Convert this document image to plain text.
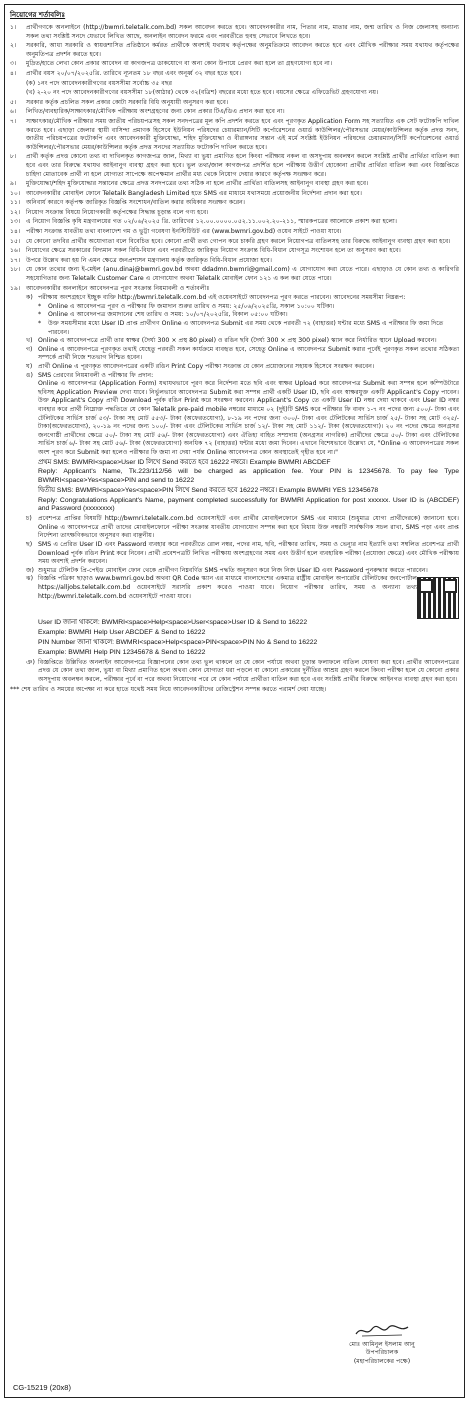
নিয়োগের শর্তাবলিঃ
১।	প্রার্থীগণকে অনলাইনে (http://bwmri.teletalk.com.bd) সকল আবেদন করতে হবে। আবেদনকারীর নাম, পিতার নাম, মাতার নাম, জন্ম তারিখ ও নিজ জেলাসহ অন্যান্য সকল তথ্য সংশ্লিষ্ট সনদে যেভাবে লিখিত আছে, অনলাইন আবেদন ফরমে এবং পরবর্তীতে হুবহু সেভাবে লিখতে হবে।
২।	সরকারি, আধা সরকারি ও স্বায়ত্তশাসিত প্রতিষ্ঠানে কর্মরত প্রার্থীকে অবশ্যই যথাযথ কর্তৃপক্ষের অনুমতিক্রমে আবেদন করতে হবে এবং মৌখিক পরীক্ষার সময় যথাযথ কর্তৃপক্ষের অনুমতিপত্র প্রদর্শন করতে হবে।
৩।	মুদ্রিত/হাতে লেখা কোন প্রকার আবেদন বা কাগজপত্র ডাকযোগে বা অন্য কোন উপায়ে প্রেরণ করা হলে তা গ্রহণযোগ্য হবে না।
৪।	প্রার্থীর বয়স ২০/০৭/২০২৫খ্রি. তারিখে ন্যূনতম ১৮ বছর এবং অনূর্ধ্ব ৩২ বছর হতে হবে।
(ক) ১নং পদে আবেদনকারীগণের বয়সসীমা সর্বোচ্চ ৩৫ বছর
(খ) ২-২০ নং পদে আবেদনকারীগণের বয়সসীমা ১৮(আঠার) থেকে ৩২(বত্রিশ) বছরের মধ্যে হতে হবে। বয়সের ক্ষেত্রে এফিডেভিট গ্রহণযোগ্য নয়।
৫।	সরকার কর্তৃক প্রচলিত সকল প্রকার কোটা সরকারি বিধি অনুযায়ী অনুসরণ করা হবে।
৬।	লিখিত/ব্যবহারিক/সাক্ষাৎকার/মৌখিক পরীক্ষায় অংশগ্রহণের জন্য কোন প্রকার টিএ/ডিএ প্রদান করা হবে না।
৭।	সাক্ষাৎকার/মৌখিক পরীক্ষার সময় জাতীয় পরিচয়পত্রসহ সকল সনদপত্রের মূল কপি প্রদর্শন করতে হবে এবং পূরণকৃত Application Form সহ সত্যায়িত এক সেট ফটোকপি দাখিল করতে হবে। এছাড়া জেলার স্থায়ী বাসিন্দা প্রমাণক হিসেবে ইউনিয়ন পরিষদের চেয়ারম্যান/সিটি কর্পোরেশনের ওয়ার্ড কাউন্সিলর/পৌরসভার মেয়র/কাউন্সিলর কর্তৃক প্রদত্ত সনদ, জাতীয় পরিচয়পত্রের ফটোকপি এবং আবেদনকারী মুক্তিযোদ্ধা, শহিদ মুক্তিযোদ্ধা ও বীরাঙ্গনার সন্তান এই মর্মে সংশ্লিষ্ট ইউনিয়ন পরিষদের চেয়ারম্যান/সিটি কর্পোরেশনের ওয়ার্ড কাউন্সিলর/পৌরসভার মেয়র/কাউন্সিলর কর্তৃক প্রদত্ত সনদের সত্যায়িত ফটোকপি দাখিল করতে হবে।
৮।	প্রার্থী কর্তৃক প্রদত্ত কোনো তথ্য বা দাখিলকৃত কাগজপত্র জাল, মিথ্যা বা ভুয়া প্রমাণিত হলে কিংবা পরীক্ষায় নকল বা অসদুপায় অবলম্বন করলে সংশ্লিষ্ট প্রার্থীর প্রার্থিতা বাতিল করা হবে এবং তার বিরুদ্ধে যথাযথ আইনানুগ ব্যবস্থা গ্রহণ করা হবে। ভুল তথ্য/জাল কাগজপত্র প্রদর্শিত হলে পরীক্ষায় উত্তীর্ণ হোকোনা প্রার্থীর প্রার্থিতা বাতিল করা এবং বিজ্ঞপ্তিতে চাহিদা মোতাবেক প্রার্থী না হলে যোগ্যতা সাপেক্ষে অপেক্ষমান প্রার্থীর মধ্য থেকে নিয়োগ দেয়ার কারণে কর্তৃপক্ষ সংরক্ষণ করে।
৯।	মুক্তিযোদ্ধা/শহিদ মুক্তিযোদ্ধার সন্তানের ক্ষেত্রে প্রদত্ত সনদপত্রের তথ্য সঠিক না হলে প্রার্থীর প্রার্থিতা বাতিলসহ আইনানুগ ব্যবস্থা গ্রহণ করা হবে।
১০। আবেদনকারীর মোবাইল ফোনে Teletalk Bangladesh Limited হতে SMS এর মাধ্যমে যথাসময়ে প্রয়োজনীয় নির্দেশনা প্রদান করা হবে।
১১। অনিবার্য কারণে কর্তৃপক্ষ জারিকৃত বিজ্ঞপ্তি সংশোধন/বাতিল করার অধিকার সংরক্ষণ করেন।
১২। নিয়োগ সংক্রান্ত বিষয়ে নিয়োগকারী কর্তৃপক্ষের সিদ্ধান্ত চূড়ান্ত বলে গণ্য হবে।
১৩। এ নিয়োগ বিজ্ঞপ্তি কৃষি মন্ত্রণালয়ের গত ০২/০৬/২০২৫ খ্রি. তারিখের ১২.০০.০০০০.০৫২.১১.০০২.২০-২১১, স্মারকপত্রের আলোকে প্রকাশ করা হলো।
১৪। পরীক্ষা সংক্রান্ত যাবতীয় তথ্য বাংলাদেশ গম ও ভুট্টা গবেষণা ইনস্টিটিউট এর (www.bwmri.gov.bd) ওয়েব সাইটে পাওয়া যাবে।
১৫। যে কোনো তদবির প্রার্থীর অযোগ্যতা বলে বিবেচিত হবে। কোনো প্রার্থী তথ্য গোপন করে চাকরি গ্রহণ করলে নিয়োগপত্র বাতিলসহ তার বিরুদ্ধে আইনানুগ ব্যবস্থা গ্রহণ করা হবে।
১৬। নিয়োগের ক্ষেত্রে সরকারের বিদ্যমান সকল বিধি-বিধান এবং পরবর্তীতে জারিকৃত নিয়োগ সংক্রান্ত বিধি-বিধান যোগসূত্র সংশোধন হলে তা অনুসরণ করা হবে।
১৭। উপরে উল্লেখ করা হয় নি এমন ক্ষেত্রে জনপ্রশাসন মন্ত্রণালয় কর্তৃক জারিকৃত বিধি-বিধান প্রযোজ্য হবে।
১৮। যে কোন তথ্যের জন্য ই-মেইল (anu.dinaj@bwmri.gov.bd অথবা ddadmn.bwmri@gmail.com) এ যোগাযোগ করা যেতে পারে। এছাড়াও যে কোন তথ্য ও কারিগরি সহযোগিতার জন্য Teletalk Customer Care এ যোগাযোগ অথবা Teletalk মোবাইল ফোন ১২১ এ কল করা যেতে পারে।
১৯। আবেদনকারীর অনলাইনে আবেদনপত্র পূরণ সংক্রান্ত নিয়মাবলী ও শর্তাবলীঃ
ক) পরীক্ষায় অংশগ্রহণে ইচ্ছুক ব্যক্তি http://bwmri.teletalk.com.bd এই ওয়েবসাইটে আবেদনপত্র পূরণ করতে পারবেন। আবেদনের সময়সীমা নিম্নরূপ:
*	Online এ আবেদনপত্র পূরণ ও পরীক্ষার ফি জমাদান শুরুর তারিখ ও সময়: ২৫/০৬/২০২৫খ্রি, সকাল ১০:০০ ঘটিকা।
*	Online এ আবেদনপত্র জমাদানের শেষ তারিখ ও সময়: ১০/০৭/২০২৫খ্রি, বিকাল ০৫:০০ ঘটিকা।
*	উক্ত সময়সীমার মধ্যে User ID প্রাপ্ত প্রার্থীগণ Online এ আবেদনপত্র Submit এর সময় থেকে পরবর্তী ৭২ (বাহাত্তর) ঘন্টার মধ্যে SMS এ পরীক্ষার ফি জমা দিতে পারবেন।
খ) Online এ আবেদনপত্রে প্রার্থী তার স্বাক্ষর (দৈর্ঘ্য 300 × প্রস্থ 80 pixel) ও রঙিন ছবি (দৈর্ঘ্য 300 × প্রস্থ 300 pixel) স্ক্যান করে নির্ধারিত স্থানে Upload করবেন।
গ) Online এ আবেদনপত্রে পূরণকৃত তথ্যই যেহেতু পরবর্তী সকল কার্যক্রমে ব্যবহৃত হবে, সেহেতু Online এ আবেদনপত্র Submit করার পূর্বেই পূরণকৃত সকল তথ্যের সঠিকতা সম্পর্কে প্রার্থী নিজে শতভাগ নিশ্চিত হবেন।
ঘ) প্রার্থী Online এ পূরণকৃত আবেদনপত্রের একটি রঙিন Print Copy পরীক্ষা সংক্রান্ত যে কোন প্রয়োজনের সহায়ক হিসেবে সংরক্ষণ করবেন।
ঙ) SMS প্রেরণের নিয়মাবলী ও পরীক্ষার ফি প্রদান:
Online এ আবেদনপত্র (Application Form) যথাযথভাবে পূরণ করে নির্দেশনা মতে ছবি এবং স্বাক্ষর Upload করে আবেদনপত্র Submit করা সম্পন্ন হলে কম্পিউটারে ছবিসহ Application Preview দেখা যাবে। নির্ভুলভাবে আবেদনপত্র Submit করা সম্পন্ন প্রার্থী একটি User ID, ছবি এবং স্বাক্ষরযুক্ত একটি Applicant's Copy পাবেন। উক্ত Applicant's Copy প্রার্থী Download পূর্বক রঙিন Print করে সংরক্ষণ করবেন। Applicant's Copy তে একটি User ID নম্বর দেয়া থাকবে এবং User ID নম্বর ব্যবহার করে প্রার্থী নিম্নোক্ত পদ্ধতিতে যে কোন Teletalk pre-paid mobile নম্বরের মাধ্যমে ০২ (দুই)টি SMS করে পরীক্ষার ফি বাবদ ১-৭ নং পদের জন্য ৫০০/- টাকা এবং টেলিটকের সার্ভিস চার্জ ৫৩/- টাকা সহ মোট ৫৫৩/- টাকা (অফেরতযোগ্য), ৮-১৯ নং পদের জন্য ৩০০/- টাকা এবং টেলিটকের সার্ভিস চার্জ ২৫/- টাকা সহ মোট ৩২৫/- টাকা(অফেরতযোগ্য), ২০-১৯ নং পদের জন্য ১০০/- টাকা এবং টেলিটকের সার্ভিস চার্জ ১২/- টাকা সহ মোট ১১২/- টাকা (অফেরতযোগ্য)। ২০ নং পদের ক্ষেত্রে অনগ্রসর জনগোষ্ঠী প্রার্থীদের ক্ষেত্রে ৫০/- টাকা সহ মোট ৫৬/- টাকা (অফেরতযোগ্য) এবং ঐতিহ্য বাহিত সম্প্রদায় (অনগ্রসর নাগরিক) প্রার্থীদের ক্ষেত্রে ৫০/- টাকা এবং টেলিটকের সার্ভিস চার্জ ৬/- টাকা সহ মোট ৫৬/- টাকা (অফেরতযোগ্য) অনধিক ৭২ (বাহাত্তর) ঘন্টার মধ্যে জমা দিবেন। এখানে বিশেষভাবে উল্লেখ্য যে, "Online এ আবেদনপত্রের সকল অংশ পূরণ করে Submit করা হলেও পরীক্ষার ফি জমা না দেয়া পর্যন্ত Online আবেদনপত্র কোন অবস্থাতেই গৃহীত হবে না।"
প্রথম SMS: BWMRI<space>User ID লিখে Send করতে হবে 16222 নম্বরে। Example BWMRI ABCDEF
Reply: Applicant's Name, Tk.223/112/56 will be charged as application fee. Your PIN is 12345678. To pay fee Type BWMRI<space>Yes<space>PIN and send to 16222
দ্বিতীয় SMS: BWMRI<space>Yes<space>PIN লিখে Send করতে হবে 16222 নম্বরে। Example BWMRI YES 12345678
Reply: Congratulations Applicant's Name, payment completed successfully for BWMRI Application for post xxxxxx. User ID is (ABCDEF) and Password (xxxxxxxx)
চ)	প্রবেশপত্র প্রাপ্তির বিষয়টি http://bwmri.teletalk.com.bd ওয়েবসাইটে এবং প্রার্থীর মোবাইলফোনে SMS এর মাধ্যমে (শুধুমাত্র যোগ্য প্রার্থীদেরকে) জানানো হবে। Online এ আবেদনপত্রে প্রার্থী তাদের মোবাইলফোনে পরীক্ষা সংক্রান্ত যাবতীয় যোগাযোগ সম্পন্ন করা হবে বিধায় উক্ত নম্বরটি সার্বক্ষণিক সচল রাখা, SMS পড়া এবং প্রাপ্ত নির্দেশনা তাৎক্ষণিকভাবে অনুসরণ করা বাঞ্ছনীয়।
ছ) SMS এ প্রেরিত User ID এবং Password ব্যবহার করে পরবর্তীতে রোল নম্বর, পদের নাম, ছবি, পরীক্ষার তারিখ, সময় ও ভেন্যুর নাম ইত্যাদি তথ্য সম্বলিত প্রবেশপত্র প্রার্থী Download পূর্বক রঙিন Print করে নিবেন। প্রার্থী প্রবেশপত্রটি লিখিত পরীক্ষায় অংশগ্রহণের সময় এবং উত্তীর্ণ হলে ব্যবহারিক পরীক্ষা (প্রযোজ্য ক্ষেত্রে) এবং মৌখিক পরীক্ষায় সময় অবশ্যই প্রদর্শন করবেন।
জ) শুধুমাত্র টেলিটক প্রি-পেইড মোবাইল ফোন থেকে প্রার্থীগণ নিম্নবর্ণিত SMS পদ্ধতি অনুসরণ করে নিজ নিজ User ID এবং Password পুনরুদ্ধার করতে পারবেন।
ঝ) বিজ্ঞপ্তি পত্রিকা ছাড়াও www.bwmri.gov.bd অথবা QR Code স্ক্যান এর মাধ্যমে বাংলাদেশের একমাত্র রাষ্ট্রীয় মোবাইল অপারেটর টেলিটকের জবপোর্টাল https://alljobs.teletalk.com.bd ওয়েবসাইটে সরাসরি প্রকাশ করেও পাওয়া যাবে। নিয়োগ পরীক্ষার তারিখ, সময় ও অন্যান্য তথ্য http://bwmri.teletalk.com.bd ওয়েবসাইটে পাওয়া যাবে।
User ID জানা থাকলে: BWMRI<space>Help<space>User<space>User ID & Send to 16222
Example: BWMRI Help User ABCDEF & Send to 16222
PIN Number জানা থাকলে: BWMRI<space>Help<space>PIN<space>PIN No & Send to 16222
Example: BWMRI Help PIN 12345678 & Send to 16222
ঞ) বিজ্ঞপ্তিতে উল্লিখিত অনলাইন আবেদনপত্রে বিজ্ঞাপনের কোন তথ্য ভুল থাকলে তা যে কোন পর্যায়ে অথবা চূড়ান্ত ফলাফলে বাতিল ঘোষণা করা হবে। প্রার্থীর আবেদনপত্রের প্রদত্ত যে কোন তথ্য জাল, ভুয়া বা মিথ্যা প্রমাণিত হলে অথবা কোন যোগ্যতা ধরা পড়লে বা কোনো প্রকারের দুর্নীতির আশ্রয় গ্রহণ করলে কিংবা পরীক্ষা হলে যে কোনো প্রকার অসদুপায় অবলম্বন করলে, পরীক্ষার পূর্বে বা পরে অথবা নিয়োগের পরে যে কোন পর্যায়ে প্রার্থীতা বাতিল করা হবে এবং সংশ্লিষ্ট প্রার্থীর বিরুদ্ধে আইনগত ব্যবস্থা গ্রহণ করা হবে।
*** শেষ তারিখ ও সময়ের অপেক্ষা না করে হাতে যথেষ্ট সময় নিয়ে আবেদনকারীদের রেজিস্ট্রেশন সম্পন্ন করতে পরামর্শ দেয়া যাচ্ছে।
মোঃ আমিনুল ইসলাম আনু
উপপরিচালক
(মহাপরিচালকের পক্ষে)
CG-15219 (20x8)
